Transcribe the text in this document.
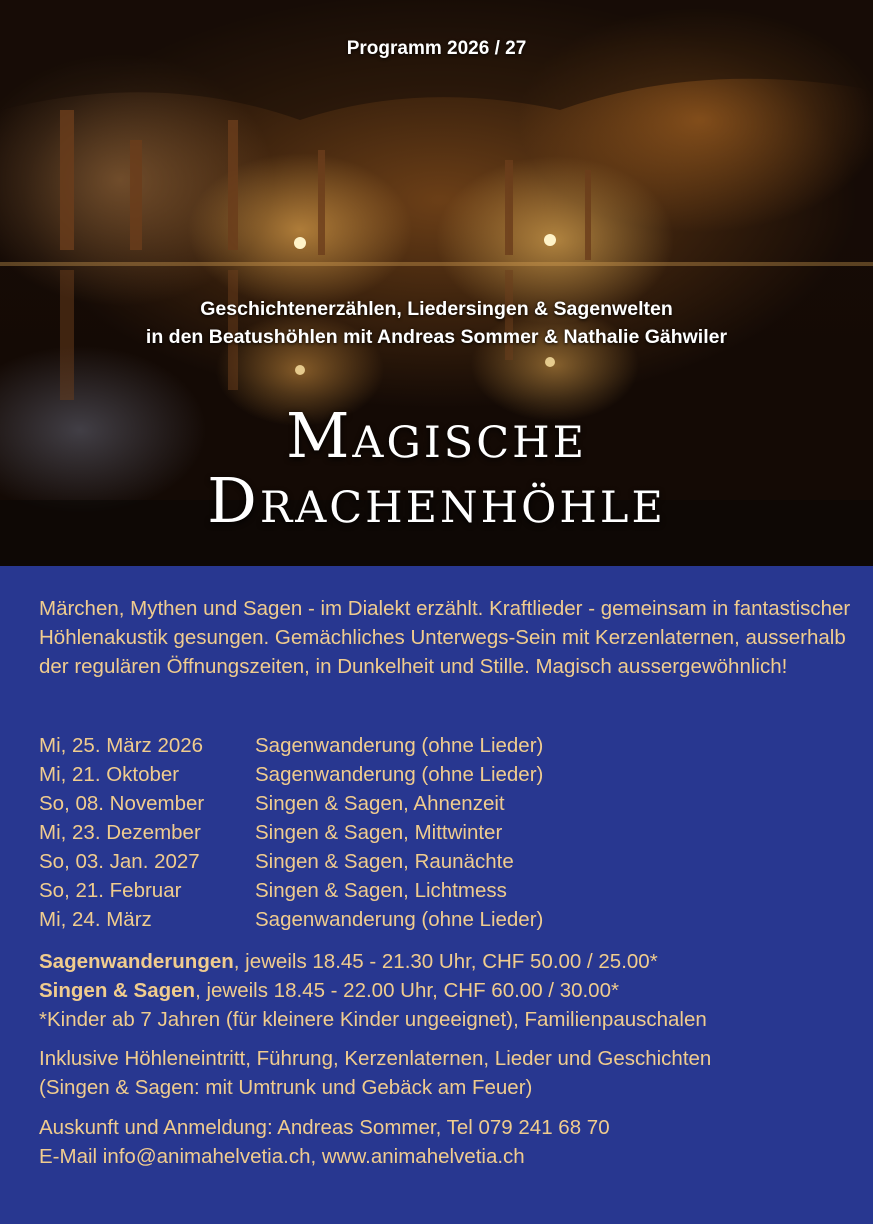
Programm 2026 / 27
Geschichtenerzählen, Liedersingen & Sagenwelten
in den Beatushöhlen mit Andreas Sommer & Nathalie Gähwiler
Magische
Drachenhöhle
Märchen, Mythen und Sagen - im Dialekt erzählt. Kraftlieder - gemeinsam in fantastischer Höhlenakustik gesungen. Gemächliches Unterwegs-Sein mit Kerzenlaternen, ausserhalb der regulären Öffnungszeiten, in Dunkelheit und Stille. Magisch aussergewöhnlich!
Mi, 25. März 2026	Sagenwanderung (ohne Lieder)
Mi, 21. Oktober	Sagenwanderung (ohne Lieder)
So, 08. November	Singen & Sagen, Ahnenzeit
Mi, 23. Dezember	Singen & Sagen, Mittwinter
So, 03. Jan. 2027	Singen & Sagen, Raunächte
So, 21. Februar	Singen & Sagen, Lichtmess
Mi, 24. März	Sagenwanderung (ohne Lieder)
Sagenwanderungen, jeweils 18.45 - 21.30 Uhr, CHF 50.00 / 25.00*
Singen & Sagen, jeweils 18.45 - 22.00 Uhr, CHF 60.00 / 30.00*
*Kinder ab 7 Jahren (für kleinere Kinder ungeeignet), Familienpauschalen
Inklusive Höhleneintritt, Führung, Kerzenlaternen, Lieder und Geschichten
(Singen & Sagen: mit Umtrunk und Gebäck am Feuer)
Auskunft und Anmeldung: Andreas Sommer, Tel 079 241 68 70
E-Mail info@animahelvetia.ch, www.animahelvetia.ch
